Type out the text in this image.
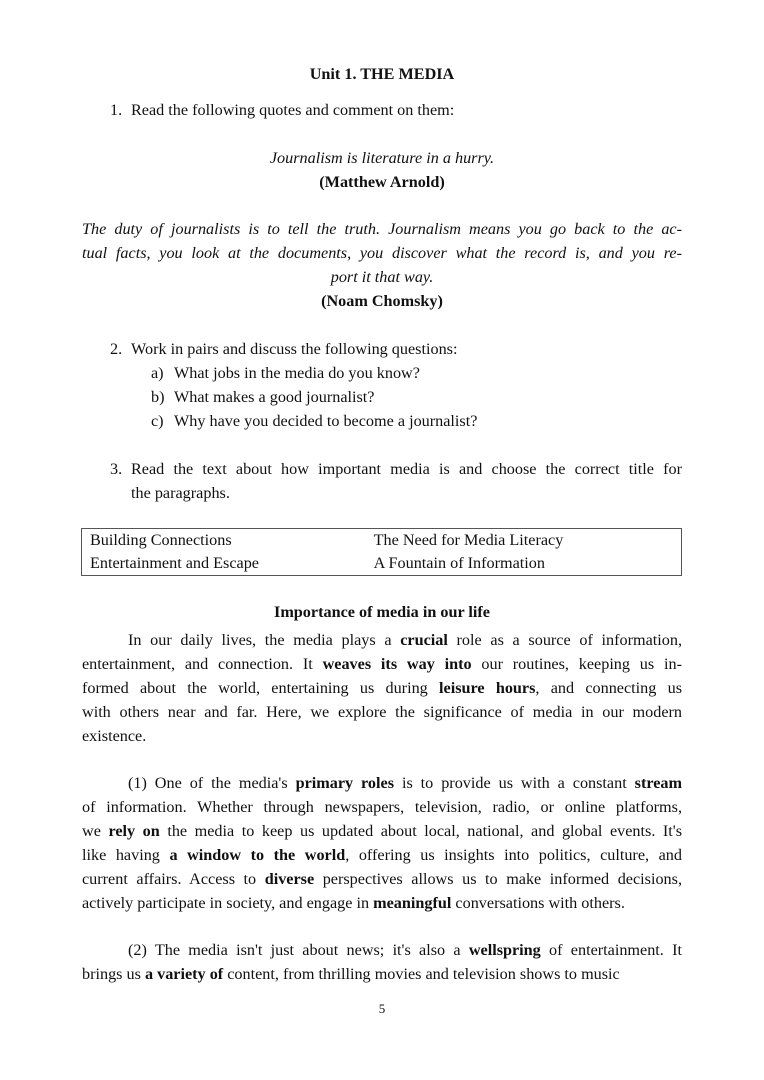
Unit 1. THE MEDIA
1. Read the following quotes and comment on them:
Journalism is literature in a hurry.
(Matthew Arnold)
The duty of journalists is to tell the truth. Journalism means you go back to the ac-
tual facts, you look at the documents, you discover what the record is, and you re-
port it that way.
(Noam Chomsky)
2. Work in pairs and discuss the following questions:
a) What jobs in the media do you know?
b) What makes a good journalist?
c) Why have you decided to become a journalist?
3. Read the text about how important media is and choose the correct title for
the paragraphs.
Building Connections	The Need for Media Literacy
Entertainment and Escape	A Fountain of Information
Importance of media in our life
In our daily lives, the media plays a crucial role as a source of information,
entertainment, and connection. It weaves its way into our routines, keeping us in-
formed about the world, entertaining us during leisure hours, and connecting us
with others near and far. Here, we explore the significance of media in our modern
existence.
(1) One of the media's primary roles is to provide us with a constant stream
of information. Whether through newspapers, television, radio, or online platforms,
we rely on the media to keep us updated about local, national, and global events. It's
like having a window to the world, offering us insights into politics, culture, and
current affairs. Access to diverse perspectives allows us to make informed decisions,
actively participate in society, and engage in meaningful conversations with others.
(2) The media isn't just about news; it's also a wellspring of entertainment. It
brings us a variety of content, from thrilling movies and television shows to music
5
